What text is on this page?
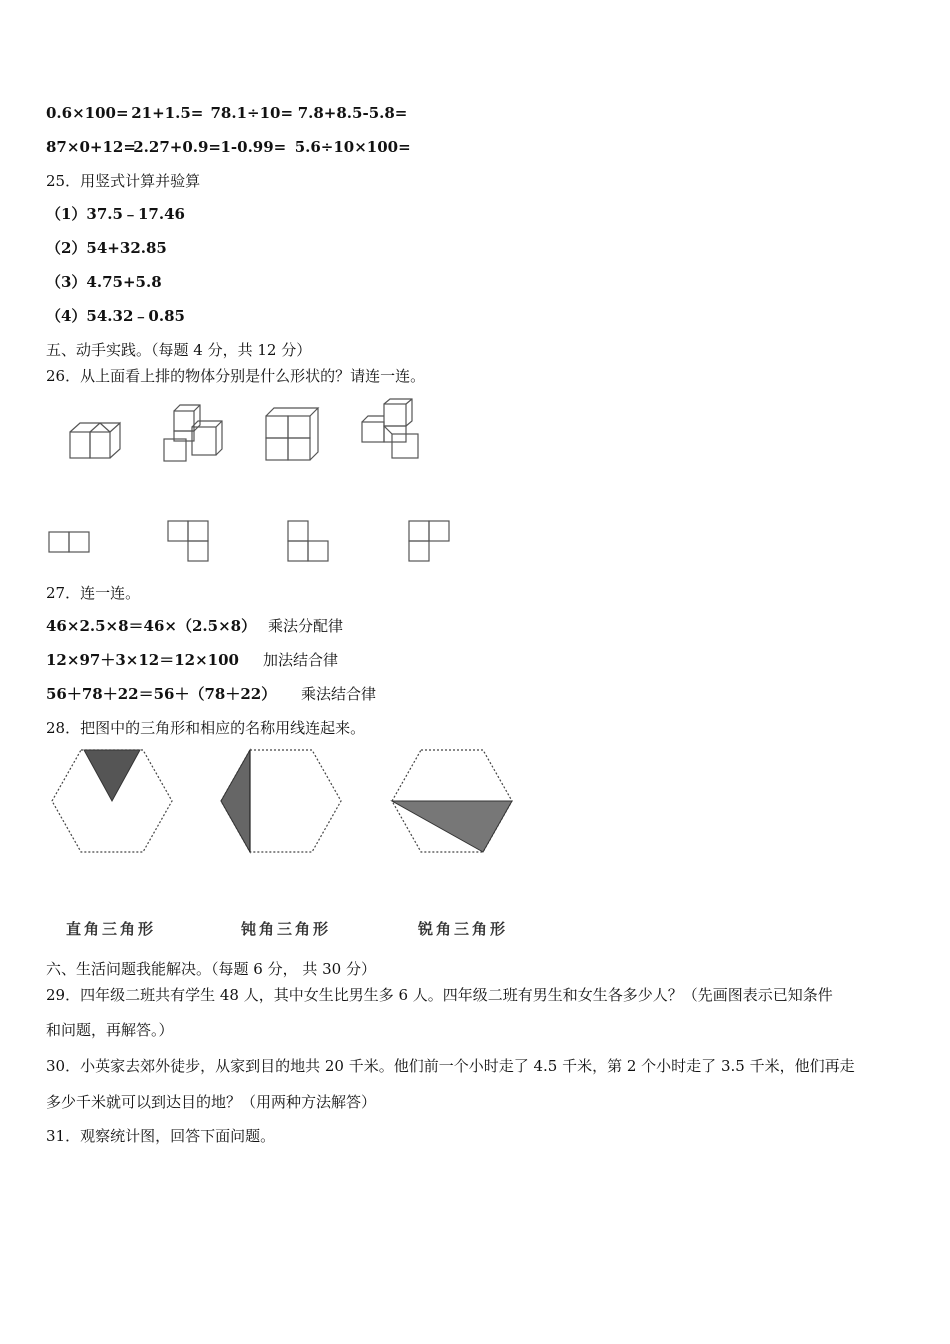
0.6×100= 21+1.5= 78.1÷10= 7.8+8.5-5.8=
87×0+12= 2.27+0.9= 1-0.99= 5.6÷10×100=
25．用竖式计算并验算
（1）37.5﹣17.46
（2）54+32.85
（3）4.75+5.8
（4）54.32﹣0.85
五、动手实践。（每题 4 分，共 12 分）
26．从上面看上排的物体分别是什么形状的？请连一连。
27．连一连。
46×2.5×8＝46×（2.5×8） 乘法分配律
12×97＋3×12＝12×100 加法结合律
56＋78＋22＝56＋（78＋22） 乘法结合律
28．把图中的三角形和相应的名称用线连起来。
直角三角形	钝角三角形	锐角三角形
六、生活问题我能解决。（每题 6 分， 共 30 分）
29．四年级二班共有学生 48 人，其中女生比男生多 6 人。四年级二班有男生和女生各多少人？（先画图表示已知条件
和问题，再解答。）
30．小英家去郊外徒步，从家到目的地共 20 千米。他们前一个小时走了 4.5 千米，第 2 个小时走了 3.5 千米，他们再走
多少千米就可以到达目的地？（用两种方法解答）
31．观察统计图，回答下面问题。
